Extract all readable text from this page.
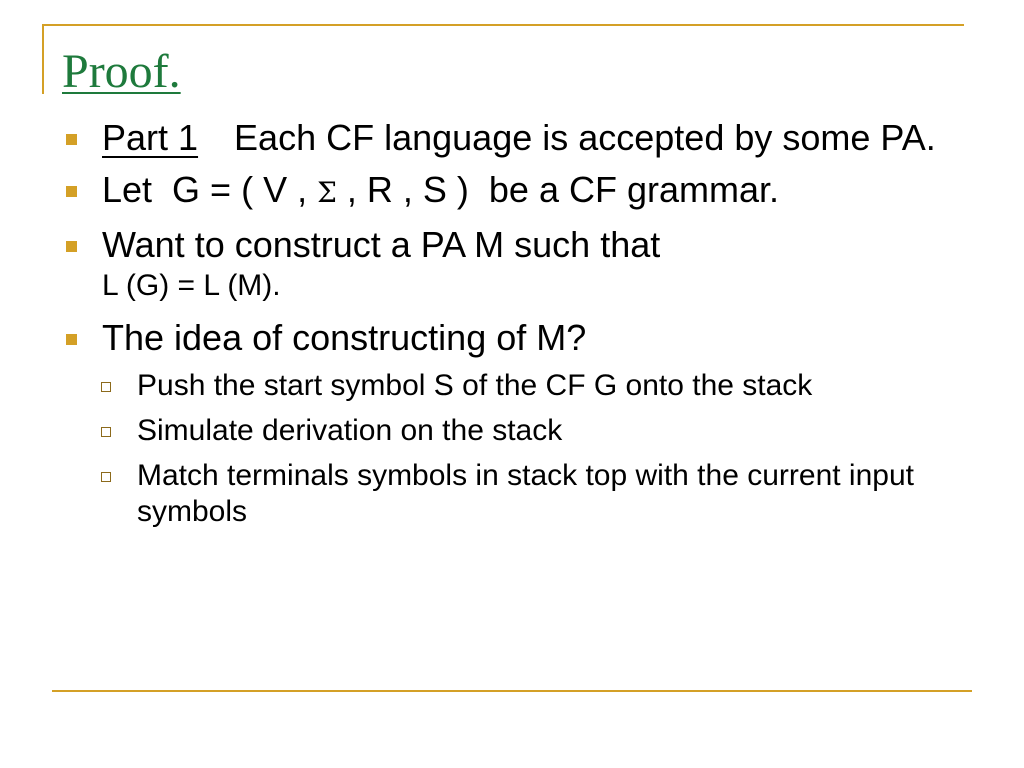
Proof.
Part 1 Each CF language is accepted by some PA.
Let  G = ( V , Σ , R , S )  be a CF grammar.
Want to construct a PA M such that
L (G) = L (M).
The idea of constructing of M?
Push the start symbol S of the CF G onto the stack
Simulate derivation on the stack
Match terminals symbols in stack top with the current input symbols
